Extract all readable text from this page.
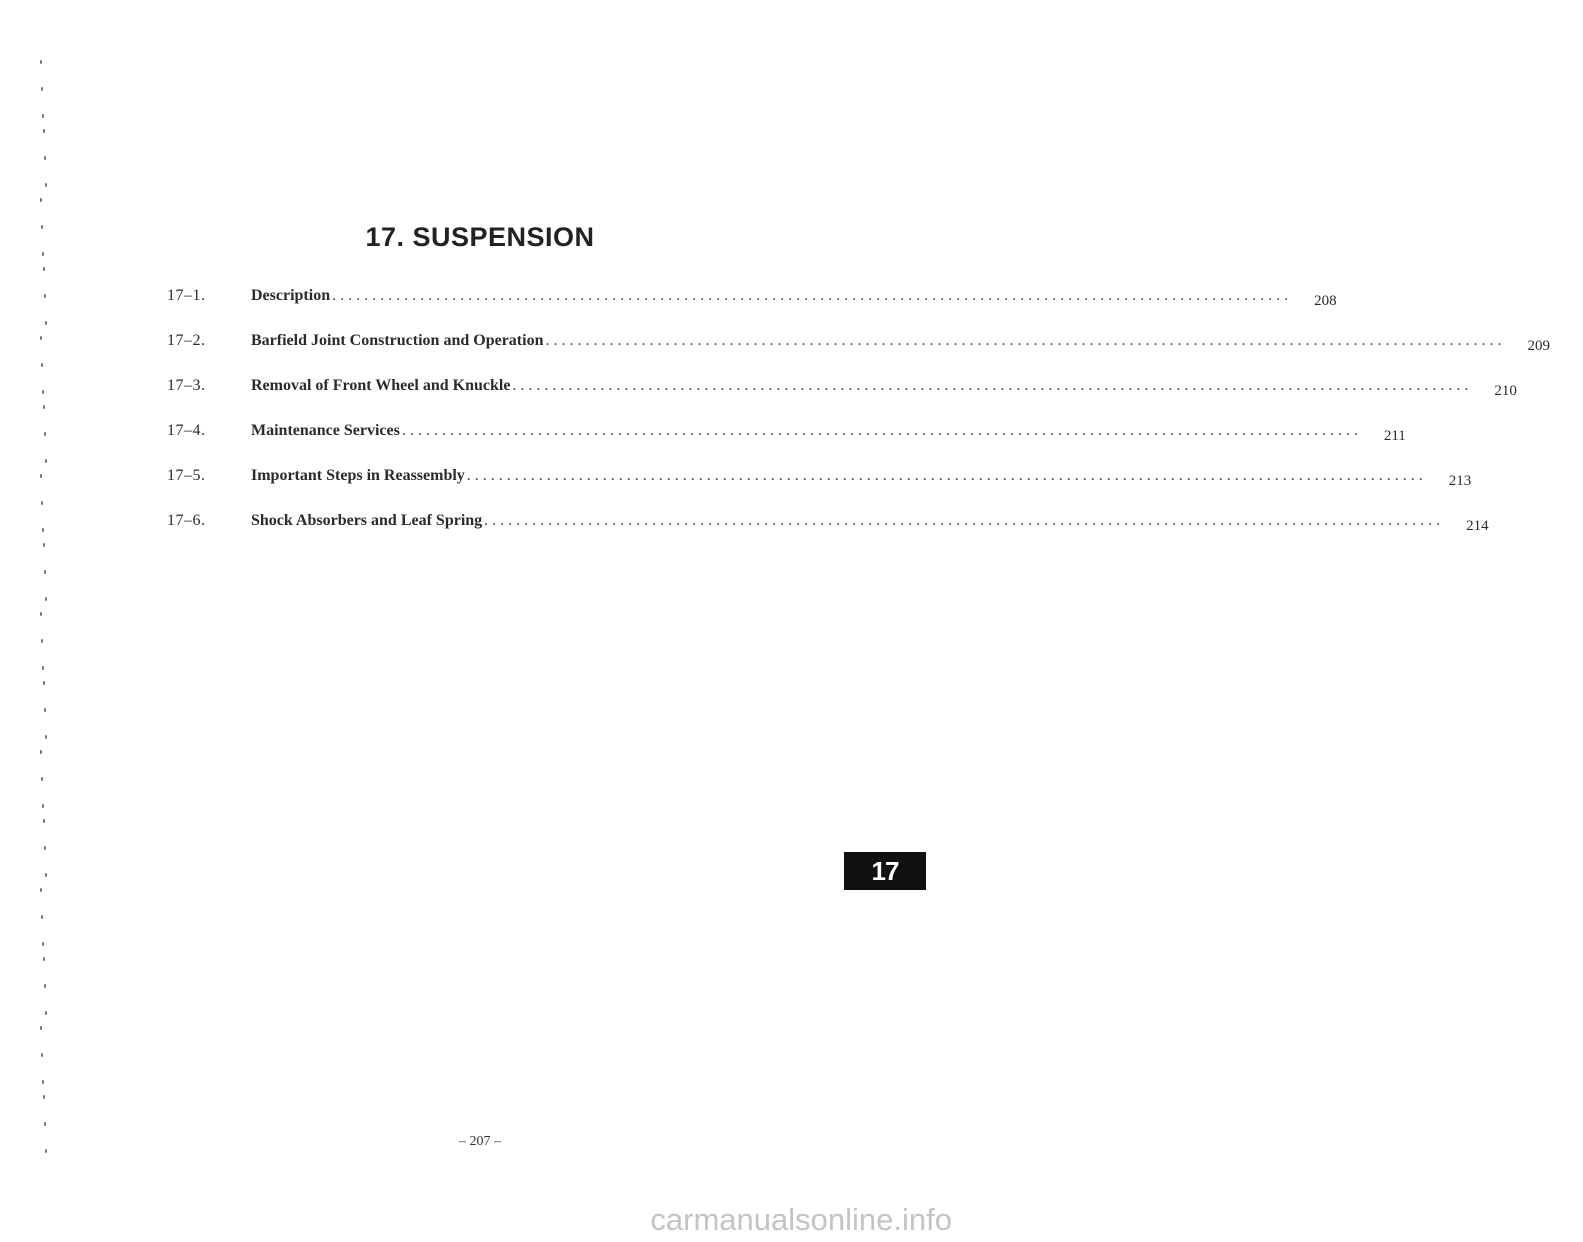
17. SUSPENSION
17–1.	Description ........................................................................................................................	208
17–2.	Barfield Joint Construction and Operation ........................................................................................................................	209
17–3.	Removal of Front Wheel and Knuckle ........................................................................................................................	210
17–4.	Maintenance Services ........................................................................................................................	211
17–5.	Important Steps in Reassembly ........................................................................................................................	213
17–6.	Shock Absorbers and Leaf Spring ........................................................................................................................	214
17
– 207 –
carmanualsonline.info
